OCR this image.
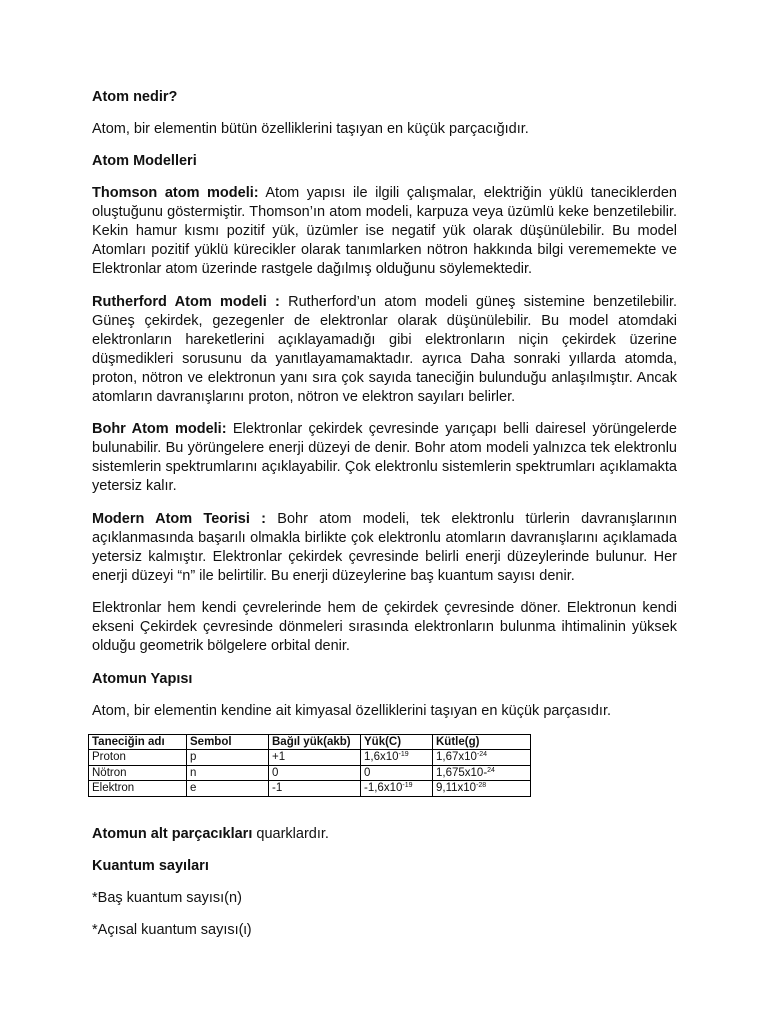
Atom nedir?

Atom, bir elementin bütün özelliklerini taşıyan en küçük parçacığıdır.

Atom Modelleri

Thomson atom modeli: Atom yapısı ile ilgili çalışmalar, elektriğin yüklü taneciklerden oluştuğunu göstermiştir. Thomson’ın atom modeli, karpuza veya üzümlü keke benzetilebilir. Kekin hamur kısmı pozitif yük, üzümler ise negatif yük olarak düşünülebilir. Bu model Atomları pozitif yüklü kürecikler olarak tanımlarken nötron hakkında bilgi verememekte ve Elektronlar atom üzerinde rastgele dağılmış olduğunu söylemektedir.

Rutherford Atom modeli : Rutherford’un atom modeli güneş sistemine benzetilebilir. Güneş çekirdek, gezegenler de elektronlar olarak düşünülebilir. Bu model atomdaki elektronların hareketlerini açıklayamadığı gibi elektronların niçin çekirdek üzerine düşmedikleri sorusunu da yanıtlayamamaktadır. ayrıca Daha sonraki yıllarda atomda, proton, nötron ve elektronun yanı sıra çok sayıda taneciğin bulunduğu anlaşılmıştır. Ancak atomların davranışlarını proton, nötron ve elektron sayıları belirler.

Bohr Atom modeli: Elektronlar çekirdek çevresinde yarıçapı belli dairesel yörüngelerde bulunabilir. Bu yörüngelere enerji düzeyi de denir. Bohr atom modeli yalnızca tek elektronlu sistemlerin spektrumlarını açıklayabilir. Çok elektronlu sistemlerin spektrumları açıklamakta yetersiz kalır.

Modern Atom Teorisi : Bohr atom modeli, tek elektronlu türlerin davranışlarının açıklanmasında başarılı olmakla birlikte çok elektronlu atomların davranışlarını açıklamada yetersiz kalmıştır. Elektronlar çekirdek çevresinde belirli enerji düzeylerinde bulunur. Her enerji düzeyi “n” ile belirtilir. Bu enerji düzeylerine baş kuantum sayısı denir.

Elektronlar hem kendi çevrelerinde hem de çekirdek çevresinde döner. Elektronun kendi ekseni Çekirdek çevresinde dönmeleri sırasında elektronların bulunma ihtimalinin yüksek olduğu geometrik bölgelere orbital denir.

Atomun Yapısı

Atom, bir elementin kendine ait kimyasal özelliklerini taşıyan en küçük parçasıdır.

Taneciğin adı	Sembol	Bağıl yük(akb)	Yük(C)	Kütle(g)
Proton	p	+1	$1,6x10^{-19}$	$1,67x10^{-24}$
Nötron	n	0	0	1,675x10-$^{24}$
Elektron	e	-1	$-1,6x10^{-19}$	$9,11x10^{-28}$

Atomun alt parçacıkları quarklardır.

Kuantum sayıları

*Baş kuantum sayısı(n)

*Açısal kuantum sayısı(ι)
